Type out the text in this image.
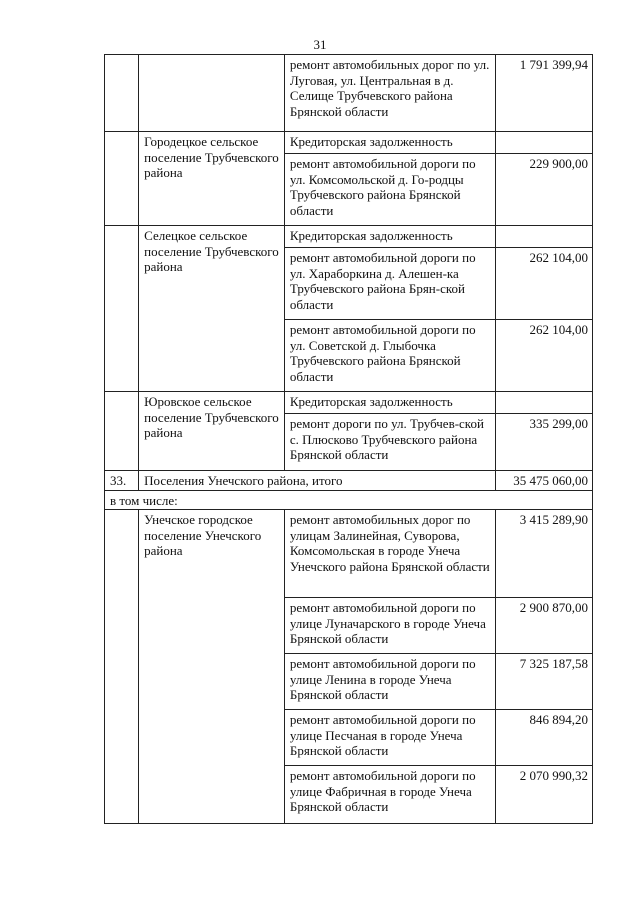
31
		ремонт автомобильных дорог по ул. Луговая, ул. Центральная в д. Селище Трубчевского района Брянской области	1 791 399,94
	Городецкое сельское поселение Трубчевского района	Кредиторская задолженность	
		ремонт автомобильной дороги по ул. Комсомольской д. Го-родцы Трубчевского района Брянской области	229 900,00
	Селецкое сельское поселение Трубчевского района	Кредиторская задолженность	
		ремонт автомобильной дороги по ул. Хараборкина д. Алешен-ка Трубчевского района Брян-ской области	262 104,00
		ремонт автомобильной дороги по ул. Советской д. Глыбочка Трубчевского района Брянской области	262 104,00
	Юровское сельское поселение Трубчевского района	Кредиторская задолженность	
		ремонт дороги по ул. Трубчев-ской с. Плюсково Трубчевского района Брянской области	335 299,00
33.	Поселения Унечского района, итого		35 475 060,00
в том числе:			
	Унечское городское поселение Унечского района	ремонт автомобильных дорог по улицам Залинейная, Суворова, Комсомольская в городе Унеча Унечского района Брянской области	3 415 289,90
		ремонт автомобильной дороги по улице Луначарского в городе Унеча Брянской области	2 900 870,00
		ремонт автомобильной дороги по улице Ленина в городе Унеча Брянской области	7 325 187,58
		ремонт автомобильной дороги по улице Песчаная в городе Унеча Брянской области	846 894,20
		ремонт автомобильной дороги по улице Фабричная в городе Унеча Брянской области	2 070 990,32
